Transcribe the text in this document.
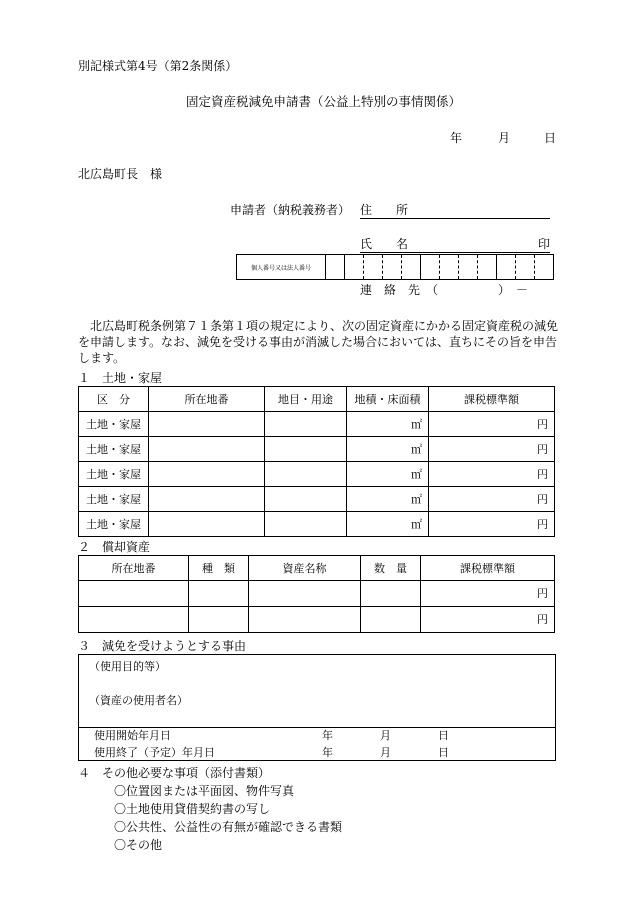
別記様式第4号（第2条関係）
固定資産税減免申請書（公益上特別の事情関係）
年	月	日
北広島町長　様
申請者（納税義務者） 住　　所
氏　　名	印
個人番号又は法人番号
連　絡　先　（　　　　　）　－
北広島町税条例第７１条第１項の規定により、次の固定資産にかかる固定資産税の減免
を申請します。なお、減免を受ける事由が消滅した場合においては、直ちにその旨を申告
します。
１　土地・家屋
区　分	所在地番	地目・用途	地積・床面積	課税標準額
土地・家屋			㎡	円
土地・家屋			㎡	円
土地・家屋			㎡	円
土地・家屋			㎡	円
土地・家屋			㎡	円
２　償却資産
所在地番	種　類	資産名称	数　量	課税標準額
				円
				円
３　減免を受けようとする事由
（使用目的等）
（資産の使用者名）
使用開始年月日	年	月	日
使用終了（予定）年月日	年	月	日
４　その他必要な事項（添付書類）
〇位置図または平面図、物件写真
〇土地使用貸借契約書の写し
〇公共性、公益性の有無が確認できる書類
〇その他
